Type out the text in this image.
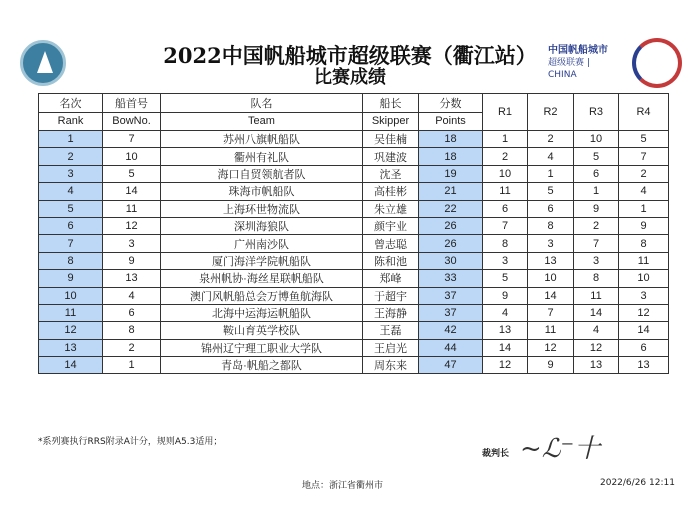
2022中国帆船城市超级联赛（衢江站）
比赛成绩
中国帆船城市
超级联赛 | CHINA
名次	船首号	队名	船长	分数	R1	R2	R3	R4
Rank	BowNo.	Team	Skipper	Points				
1	7	苏州八旗帆船队	吴佳楠	18	1	2	10	5
2	10	衢州有礼队	巩建波	18	2	4	5	7
3	5	海口自贸领航者队	沈圣	19	10	1	6	2
4	14	珠海市帆船队	高桂彬	21	11	5	1	4
5	11	上海环世物流队	朱立雄	22	6	6	9	1
6	12	深圳海狼队	颜宇业	26	7	8	2	9
7	3	广州南沙队	曾志聪	26	8	3	7	8
8	9	厦门海洋学院帆船队	陈和池	30	3	13	3	11
9	13	泉州帆协·海丝星联帆船队	郑峰	33	5	10	8	10
10	4	澳门风帆船总会万博鱼航海队	于超宇	37	9	14	11	3
11	6	北海中运海运帆船队	王海静	37	4	7	14	12
12	8	鞍山育英学校队	王磊	42	13	11	4	14
13	2	锦州辽宁理工职业大学队	王启光	44	14	12	12	6
14	1	青岛·帆船之都队	周东来	47	12	9	13	13
*系列赛执行RRS附录A计分，规则A5.3适用；
裁判长 ~ℒ⁻十
地点：浙江省衢州市	2022/6/26 12:11
